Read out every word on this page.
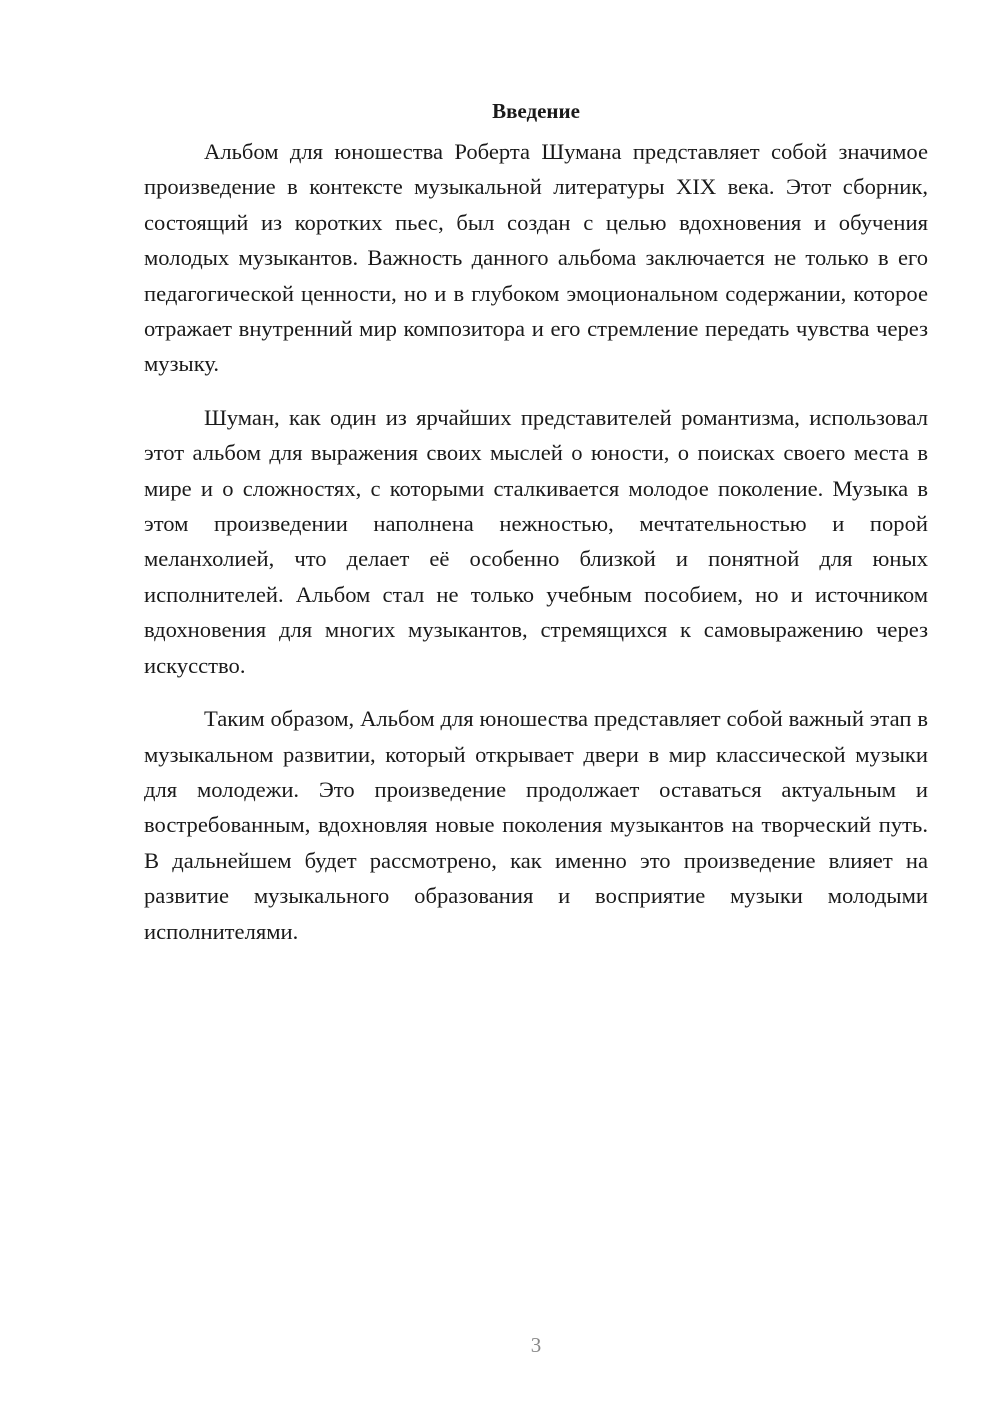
Введение

Альбом для юношества Роберта Шумана представляет собой значимое произведение в контексте музыкальной литературы XIX века. Этот сборник, состоящий из коротких пьес, был создан с целью вдохновения и обучения молодых музыкантов. Важность данного альбома заключается не только в его педагогической ценности, но и в глубоком эмоциональном содержании, которое отражает внутренний мир композитора и его стремление передать чувства через музыку.

Шуман, как один из ярчайших представителей романтизма, использовал этот альбом для выражения своих мыслей о юности, о поисках своего места в мире и о сложностях, с которыми сталкивается молодое поколение. Музыка в этом произведении наполнена нежностью, мечтательностью и порой меланхолией, что делает её особенно близкой и понятной для юных исполнителей. Альбом стал не только учебным пособием, но и источником вдохновения для многих музыкантов, стремящихся к самовыражению через искусство.

Таким образом, Альбом для юношества представляет собой важный этап в музыкальном развитии, который открывает двери в мир классической музыки для молодежи. Это произведение продолжает оставаться актуальным и востребованным, вдохновляя новые поколения музыкантов на творческий путь. В дальнейшем будет рассмотрено, как именно это произведение влияет на развитие музыкального образования и восприятие музыки молодыми исполнителями.

3
